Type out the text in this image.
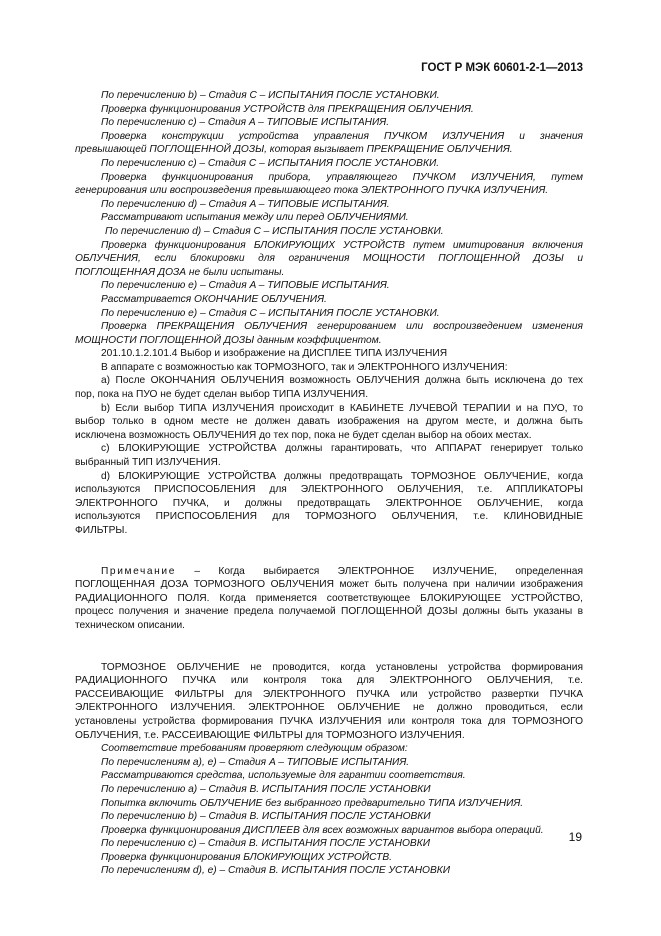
ГОСТ Р МЭК 60601-2-1—2013
По перечислению b) – Стадия C – ИСПЫТАНИЯ ПОСЛЕ УСТАНОВКИ.
Проверка функционирования УСТРОЙСТВ для ПРЕКРАЩЕНИЯ ОБЛУЧЕНИЯ.
По перечислению c) – Стадия A – ТИПОВЫЕ ИСПЫТАНИЯ.
Проверка конструкции устройства управления ПУЧКОМ ИЗЛУЧЕНИЯ и значения
превышающей ПОГЛОЩЕННОЙ ДОЗЫ, которая вызывает ПРЕКРАЩЕНИЕ ОБЛУЧЕНИЯ.
По перечислению c) – Стадия C – ИСПЫТАНИЯ ПОСЛЕ УСТАНОВКИ.
Проверка функционирования прибора, управляющего ПУЧКОМ ИЗЛУЧЕНИЯ, путем
генерирования или воспроизведения превышающего тока ЭЛЕКТРОННОГО ПУЧКА ИЗЛУЧЕНИЯ.
По перечислению d) – Стадия A – ТИПОВЫЕ ИСПЫТАНИЯ.
Рассматривают испытания между или перед ОБЛУЧЕНИЯМИ.
По перечислению d) – Стадия C – ИСПЫТАНИЯ ПОСЛЕ УСТАНОВКИ.
Проверка функционирования БЛОКИРУЮЩИХ УСТРОЙСТВ путем имитирования включения
ОБЛУЧЕНИЯ, если блокировки для ограничения МОЩНОСТИ ПОГЛОЩЕННОЙ ДОЗЫ и
ПОГЛОЩЕННАЯ ДОЗА не были испытаны.
По перечислению e) – Стадия A – ТИПОВЫЕ ИСПЫТАНИЯ.
Рассматривается ОКОНЧАНИЕ ОБЛУЧЕНИЯ.
По перечислению e) – Стадия C – ИСПЫТАНИЯ ПОСЛЕ УСТАНОВКИ.
Проверка ПРЕКРАЩЕНИЯ ОБЛУЧЕНИЯ генерированием или воспроизведением изменения
МОЩНОСТИ ПОГЛОЩЕННОЙ ДОЗЫ данным коэффициентом.
201.10.1.2.101.4 Выбор и изображение на ДИСПЛЕЕ ТИПА ИЗЛУЧЕНИЯ
В аппарате с возможностью как ТОРМОЗНОГО, так и ЭЛЕКТРОННОГО ИЗЛУЧЕНИЯ:
a) После ОКОНЧАНИЯ ОБЛУЧЕНИЯ возможность ОБЛУЧЕНИЯ должна быть исключена до тех
пор, пока на ПУО не будет сделан выбор ТИПА ИЗЛУЧЕНИЯ.
b) Если выбор ТИПА ИЗЛУЧЕНИЯ происходит в КАБИНЕТЕ ЛУЧЕВОЙ ТЕРАПИИ и на ПУО, то
выбор только в одном месте не должен давать изображения на другом месте, и должна быть
исключена возможность ОБЛУЧЕНИЯ до тех пор, пока не будет сделан выбор на обоих местах.
c) БЛОКИРУЮЩИЕ УСТРОЙСТВА должны гарантировать, что АППАРАТ генерирует только
выбранный ТИП ИЗЛУЧЕНИЯ.
d) БЛОКИРУЮЩИЕ УСТРОЙСТВА должны предотвращать ТОРМОЗНОЕ ОБЛУЧЕНИЕ, когда
используются ПРИСПОСОБЛЕНИЯ для ЭЛЕКТРОННОГО ОБЛУЧЕНИЯ, т.е. АППЛИКАТОРЫ
ЭЛЕКТРОННОГО ПУЧКА, и должны предотвращать ЭЛЕКТРОННОЕ ОБЛУЧЕНИЕ, когда
используются ПРИСПОСОБЛЕНИЯ для ТОРМОЗНОГО ОБЛУЧЕНИЯ, т.е. КЛИНОВИДНЫЕ
ФИЛЬТРЫ.
Примечание – Когда выбирается ЭЛЕКТРОННОЕ ИЗЛУЧЕНИЕ, определенная
ПОГЛОЩЕННАЯ ДОЗА ТОРМОЗНОГО ОБЛУЧЕНИЯ может быть получена при наличии изображения
РАДИАЦИОННОГО ПОЛЯ. Когда применяется соответствующее БЛОКИРУЮЩЕЕ УСТРОЙСТВО,
процесс получения и значение предела получаемой ПОГЛОЩЕННОЙ ДОЗЫ должны быть указаны в
техническом описании.
ТОРМОЗНОЕ ОБЛУЧЕНИЕ не проводится, когда установлены устройства формирования
РАДИАЦИОННОГО ПУЧКА или контроля тока для ЭЛЕКТРОННОГО ОБЛУЧЕНИЯ, т.е.
РАССЕИВАЮЩИЕ ФИЛЬТРЫ для ЭЛЕКТРОННОГО ПУЧКА или устройство развертки ПУЧКА
ЭЛЕКТРОННОГО ИЗЛУЧЕНИЯ. ЭЛЕКТРОННОЕ ОБЛУЧЕНИЕ не должно проводиться, если
установлены устройства формирования ПУЧКА ИЗЛУЧЕНИЯ или контроля тока для ТОРМОЗНОГО
ОБЛУЧЕНИЯ, т.е. РАССЕИВАЮЩИЕ ФИЛЬТРЫ для ТОРМОЗНОГО ИЗЛУЧЕНИЯ.
Соответствие требованиям проверяют следующим образом:
По перечислениям a), e) – Стадия A – ТИПОВЫЕ ИСПЫТАНИЯ.
Рассматриваются средства, используемые для гарантии соответствия.
По перечислению a) – Стадия B. ИСПЫТАНИЯ ПОСЛЕ УСТАНОВКИ
Попытка включить ОБЛУЧЕНИЕ без выбранного предварительно ТИПА ИЗЛУЧЕНИЯ.
По перечислению b) – Стадия B. ИСПЫТАНИЯ ПОСЛЕ УСТАНОВКИ
Проверка функционирования ДИСПЛЕЕВ для всех возможных вариантов выбора операций.
По перечислению c) – Стадия B. ИСПЫТАНИЯ ПОСЛЕ УСТАНОВКИ
Проверка функционирования БЛОКИРУЮЩИХ УСТРОЙСТВ.
По перечислениям d), e) – Стадия B. ИСПЫТАНИЯ ПОСЛЕ УСТАНОВКИ
19
